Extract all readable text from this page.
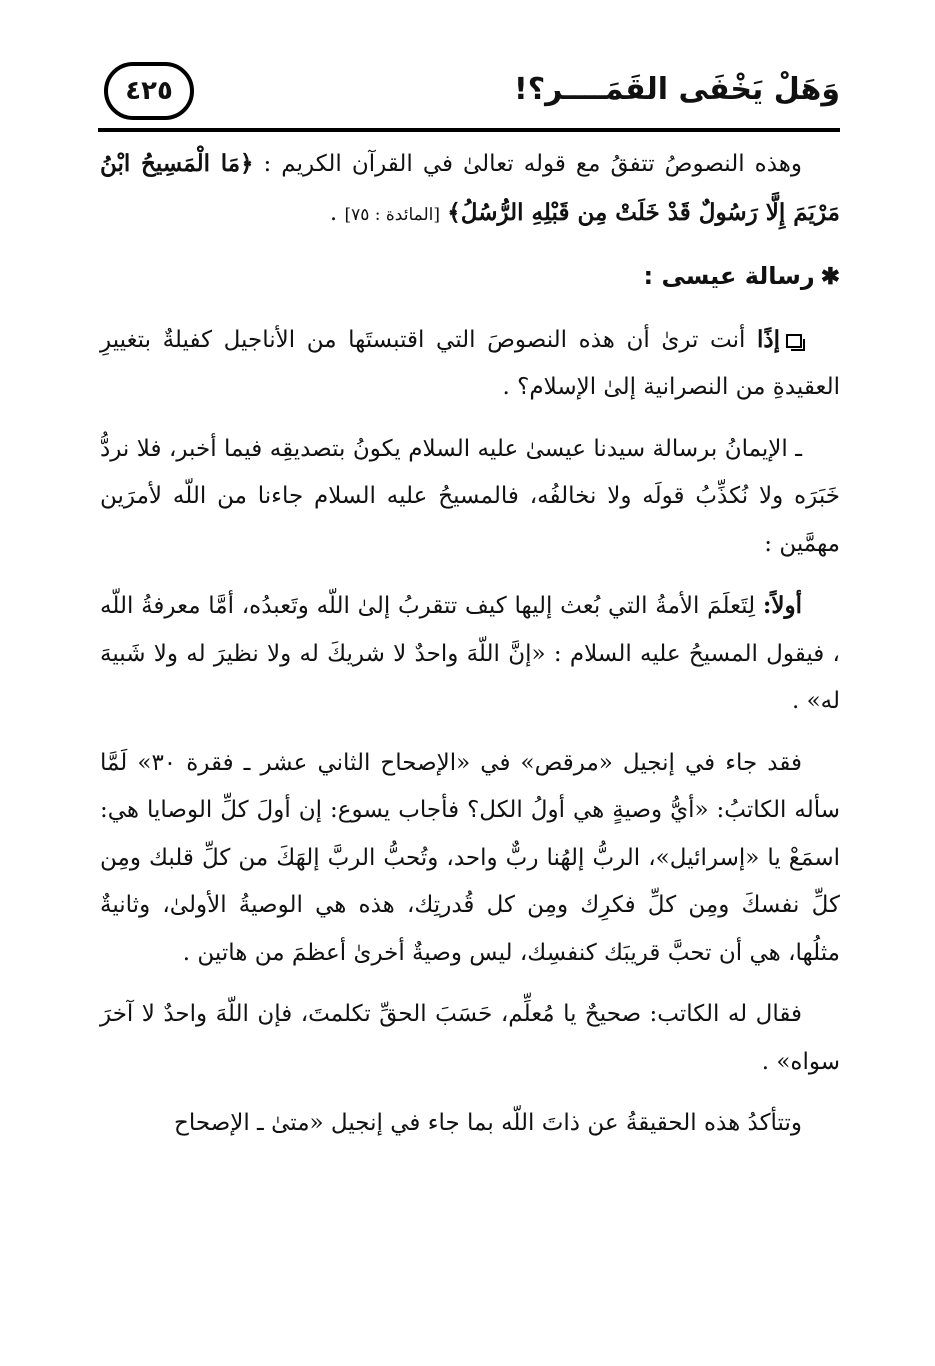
وَهَلْ يَخْفَى القَمَــــر؟!
٤٢٥

وهذه النصوصُ تتفقُ مع قوله تعالىٰ في القرآن الكريم : ﴿مَا الْمَسِيحُ ابْنُ مَرْيَمَ إِلَّا رَسُولٌ قَدْ خَلَتْ مِن قَبْلِهِ الرُّسُلُ﴾ [المائدة : ٧٥] .

✱رسالة عيسى :

إذًا أنت ترىٰ أن هذه النصوصَ التي اقتبستَها من الأناجيل كفيلةٌ بتغييرِ العقيدةِ من النصرانية إلىٰ الإسلام؟ .

ـ الإيمانُ برسالة سيدنا عيسىٰ عليه السلام يكونُ بتصديقِه فيما أخبر، فلا نردُّ خَبَرَه ولا نُكذِّبُ قولَه ولا نخالفُه، فالمسيحُ عليه السلام جاءنا من اللّه لأمرَين مهمَّين :

أولاً: لِتَعلَمَ الأمةُ التي بُعث إليها كيف تتقربُ إلىٰ اللّه وتَعبدُه، أمَّا معرفةُ اللّه ، فيقول المسيحُ عليه السلام : «إنَّ اللّهَ واحدٌ لا شريكَ له ولا نظيرَ له ولا شَبيهَ له» .

فقد جاء في إنجيل «مرقص» في «الإصحاح الثاني عشر ـ فقرة ٣٠» لَمَّا سأله الكاتبُ: «أيُّ وصيةٍ هي أولُ الكل؟ فأجاب يسوع: إن أولَ كلِّ الوصايا هي: اسمَعْ يا «إسرائيل»، الربُّ إلهُنا ربٌّ واحد، وتُحبُّ الربَّ إلهَكَ من كلِّ قلبك ومِن كلِّ نفسكَ ومِن كلِّ فكرِك ومِن كل قُدرتِك، هذه هي الوصيةُ الأولىٰ، وثانيةٌ مثلُها، هي أن تحبَّ قريبَك كنفسِك، ليس وصيةٌ أخرىٰ أعظمَ من هاتين .

فقال له الكاتب: صحيحٌ يا مُعلِّم، حَسَبَ الحقِّ تكلمتَ، فإن اللّهَ واحدٌ لا آخرَ سواه» .

وتتأكدُ هذه الحقيقةُ عن ذاتَ اللّه بما جاء في إنجيل «متىٰ ـ الإصحاح
